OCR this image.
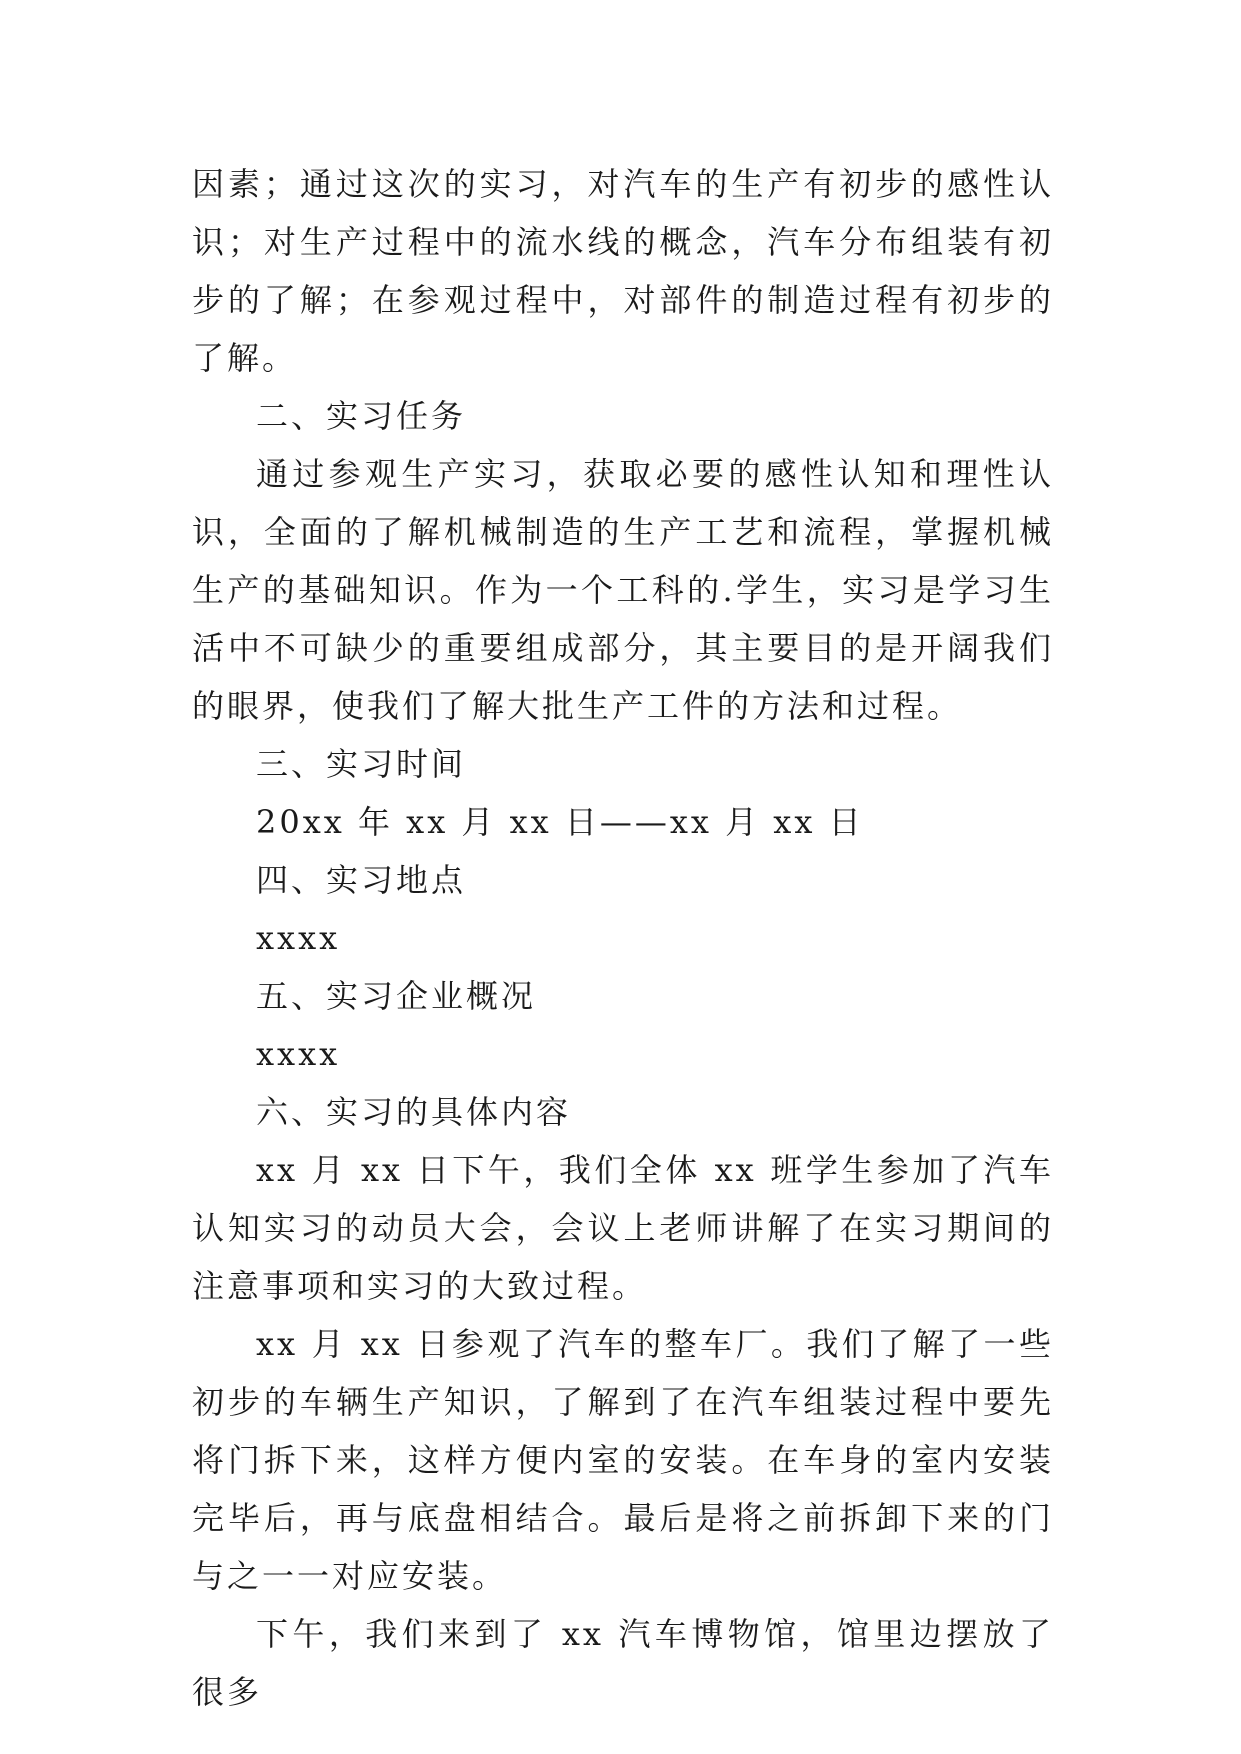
因素；通过这次的实习，对汽车的生产有初步的感性认识；对生产过程中的流水线的概念，汽车分布组装有初步的了解；在参观过程中，对部件的制造过程有初步的了解。

二、实习任务

通过参观生产实习，获取必要的感性认知和理性认识，全面的了解机械制造的生产工艺和流程，掌握机械生产的基础知识。作为一个工科的.学生，实习是学习生活中不可缺少的重要组成部分，其主要目的是开阔我们的眼界，使我们了解大批生产工件的方法和过程。

三、实习时间

20xx 年 xx 月 xx 日——xx 月 xx 日

四、实习地点

xxxx

五、实习企业概况

xxxx

六、实习的具体内容

xx 月 xx 日下午，我们全体 xx 班学生参加了汽车认知实习的动员大会，会议上老师讲解了在实习期间的注意事项和实习的大致过程。

xx 月 xx 日参观了汽车的整车厂。我们了解了一些初步的车辆生产知识，了解到了在汽车组装过程中要先将门拆下来，这样方便内室的安装。在车身的室内安装完毕后，再与底盘相结合。最后是将之前拆卸下来的门与之一一对应安装。

下午，我们来到了 xx 汽车博物馆，馆里边摆放了很多
